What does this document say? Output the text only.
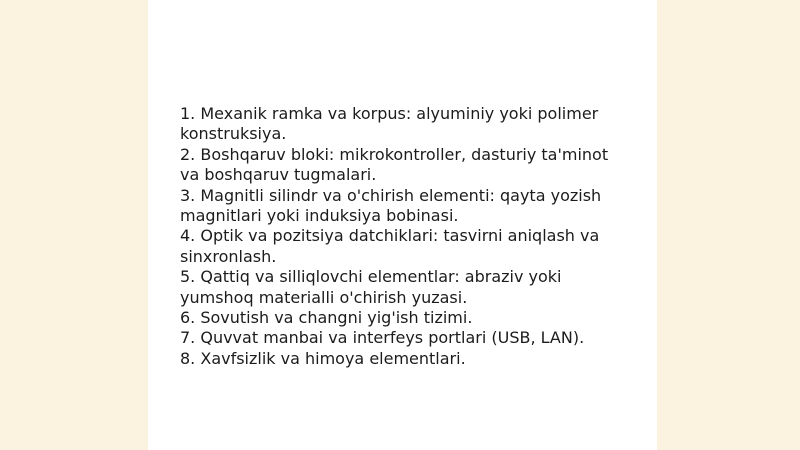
1. Mexanik ramka va korpus: alyuminiy yoki polimer konstruksiya.
2. Boshqaruv bloki: mikrokontroller, dasturiy ta'minot va boshqaruv tugmalari.
3. Magnitli silindr va o'chirish elementi: qayta yozish magnitlari yoki induksiya bobinasi.
4. Optik va pozitsiya datchiklari: tasvirni aniqlash va sinxronlash.
5. Qattiq va silliqlovchi elementlar: abraziv yoki yumshoq materialli o'chirish yuzasi.
6. Sovutish va changni yig'ish tizimi.
7. Quvvat manbai va interfeys portlari (USB, LAN).
8. Xavfsizlik va himoya elementlari.
